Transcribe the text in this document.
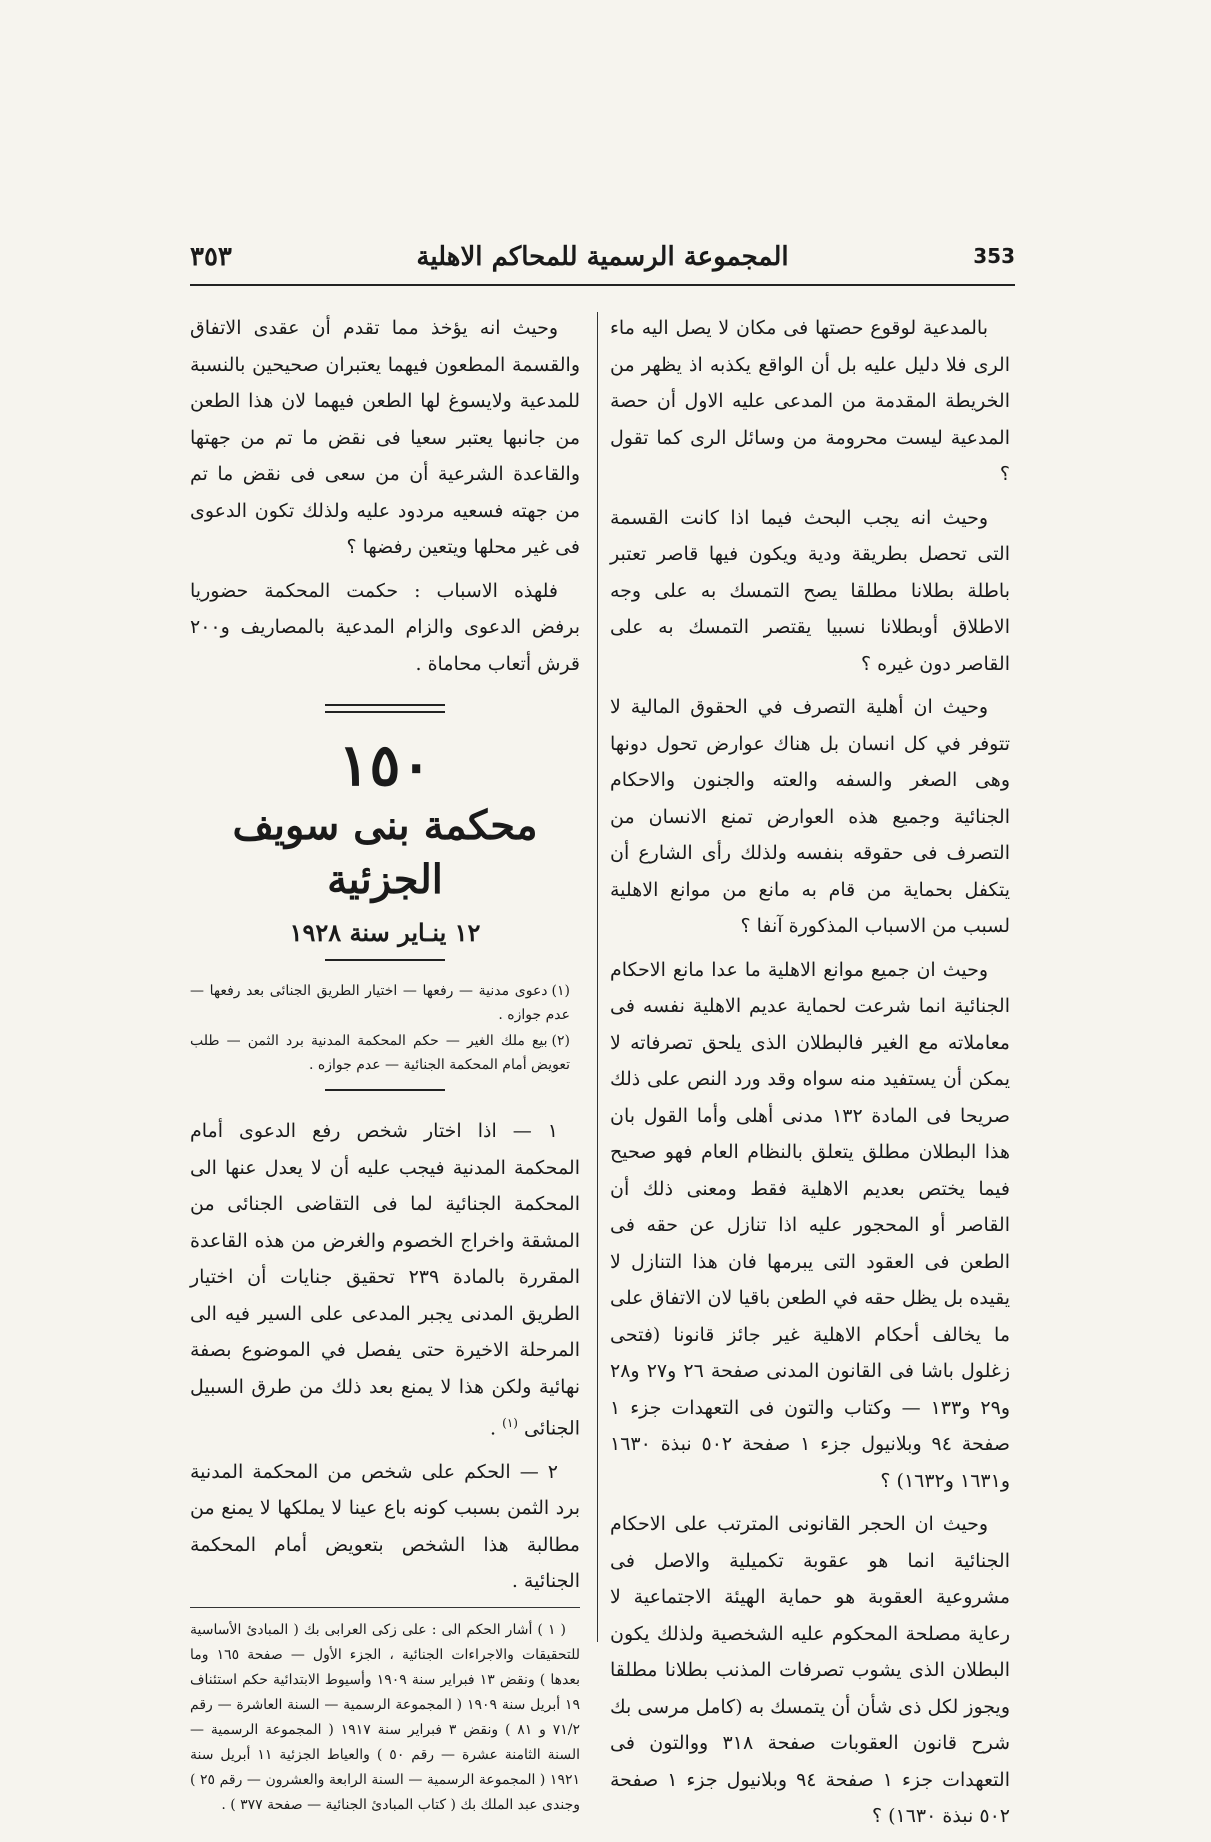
353
المجموعة الرسمية للمحاكم الاهلية
٣٥٣

بالمدعية لوقوع حصتها فى مكان لا يصل اليه ماء الرى فلا دليل عليه بل أن الواقع يكذبه اذ يظهر من الخريطة المقدمة من المدعى عليه الاول أن حصة المدعية ليست محرومة من وسائل الرى كما تقول ؟

وحيث انه يجب البحث فيما اذا كانت القسمة التى تحصل بطريقة ودية ويكون فيها قاصر تعتبر باطلة بطلانا مطلقا يصح التمسك به على وجه الاطلاق أوبطلانا نسبيا يقتصر التمسك به على القاصر دون غيره ؟

وحيث ان أهلية التصرف في الحقوق المالية لا تتوفر في كل انسان بل هناك عوارض تحول دونها وهى الصغر والسفه والعته والجنون والاحكام الجنائية وجميع هذه العوارض تمنع الانسان من التصرف فى حقوقه بنفسه ولذلك رأى الشارع أن يتكفل بحماية من قام به مانع من موانع الاهلية لسبب من الاسباب المذكورة آنفا ؟

وحيث ان جميع موانع الاهلية ما عدا مانع الاحكام الجنائية انما شرعت لحماية عديم الاهلية نفسه فى معاملاته مع الغير فالبطلان الذى يلحق تصرفاته لا يمكن أن يستفيد منه سواه وقد ورد النص على ذلك صريحا فى المادة ١٣٢ مدنى أهلى وأما القول بان هذا البطلان مطلق يتعلق بالنظام العام فهو صحيح فيما يختص بعديم الاهلية فقط ومعنى ذلك أن القاصر أو المحجور عليه اذا تنازل عن حقه فى الطعن فى العقود التى يبرمها فان هذا التنازل لا يقيده بل يظل حقه في الطعن باقيا لان الاتفاق على ما يخالف أحكام الاهلية غير جائز قانونا (فتحى زغلول باشا فى القانون المدنى صفحة ٢٦ و٢٧ و٢٨ و٢٩ و١٣٣ — وكتاب والتون فى التعهدات جزء ١ صفحة ٩٤ وبلانيول جزء ١ صفحة ٥٠٢ نبذة ١٦٣٠ و١٦٣١ و١٦٣٢) ؟

وحيث ان الحجر القانونى المترتب على الاحكام الجنائية انما هو عقوبة تكميلية والاصل فى مشروعية العقوبة هو حماية الهيئة الاجتماعية لا رعاية مصلحة المحكوم عليه الشخصية ولذلك يكون البطلان الذى يشوب تصرفات المذنب بطلانا مطلقا ويجوز لكل ذى شأن أن يتمسك به (كامل مرسى بك شرح قانون العقوبات صفحة ٣١٨ ووالتون فى التعهدات جزء ١ صفحة ٩٤ وبلانيول جزء ١ صفحة ٥٠٢ نبذة ١٦٣٠) ؟

وحيث انه يؤخذ مما تقدم أن عقدى الاتفاق والقسمة المطعون فيهما يعتبران صحيحين بالنسبة للمدعية ولايسوغ لها الطعن فيهما لان هذا الطعن من جانبها يعتبر سعيا فى نقض ما تم من جهتها والقاعدة الشرعية أن من سعى فى نقض ما تم من جهته فسعيه مردود عليه ولذلك تكون الدعوى فى غير محلها ويتعين رفضها ؟

فلهذه الاسباب : حكمت المحكمة حضوريا برفض الدعوى والزام المدعية بالمصاريف و٢٠٠ قرش أتعاب محاماة .

١٥٠
محكمة بنى سويف الجزئية
١٢ ينـاير سنة ١٩٢٨

(١)دعوى مدنية — رفعها — اختيار الطريق الجنائى بعد رفعها — عدم جوازه .

(٢)بيع ملك الغير — حكم المحكمة المدنية برد الثمن — طلب تعويض أمام المحكمة الجنائية — عدم جوازه .

١ — اذا اختار شخص رفع الدعوى أمام المحكمة المدنية فيجب عليه أن لا يعدل عنها الى المحكمة الجنائية لما فى التقاضى الجنائى من المشقة واخراج الخصوم والغرض من هذه القاعدة المقررة بالمادة ٢٣٩ تحقيق جنايات أن اختيار الطريق المدنى يجبر المدعى على السير فيه الى المرحلة الاخيرة حتى يفصل في الموضوع بصفة نهائية ولكن هذا لا يمنع بعد ذلك من طرق السبيل الجنائى $^{(١)}$ .

٢ — الحكم على شخص من المحكمة المدنية برد الثمن بسبب كونه باع عينا لا يملكها لا يمنع من مطالبة هذا الشخص بتعويض أمام المحكمة الجنائية .

( ١ ) أشار الحكم الى : على زكى العرابى بك ( المبادئ الأساسية للتحقيقات والاجراءات الجنائية ، الجزء الأول — صفحة ١٦٥ وما بعدها ) ونقض ١٣ فبراير سنة ١٩٠٩ وأسيوط الابتدائية حكم استئناف ١٩ أبريل سنة ١٩٠٩ ( المجموعة الرسمية — السنة العاشرة — رقم ٧١/٢ و ٨١ ) ونقض ٣ فبراير سنة ١٩١٧ ( المجموعة الرسمية — السنة الثامنة عشرة — رقم ٥٠ ) والعياط الجزئية ١١ أبريل سنة ١٩٢١ ( المجموعة الرسمية — السنة الرابعة والعشرون — رقم ٢٥ ) وجندى عبد الملك بك ( كتاب المبادئ الجنائية — صفحة ٣٧٧ ) .
